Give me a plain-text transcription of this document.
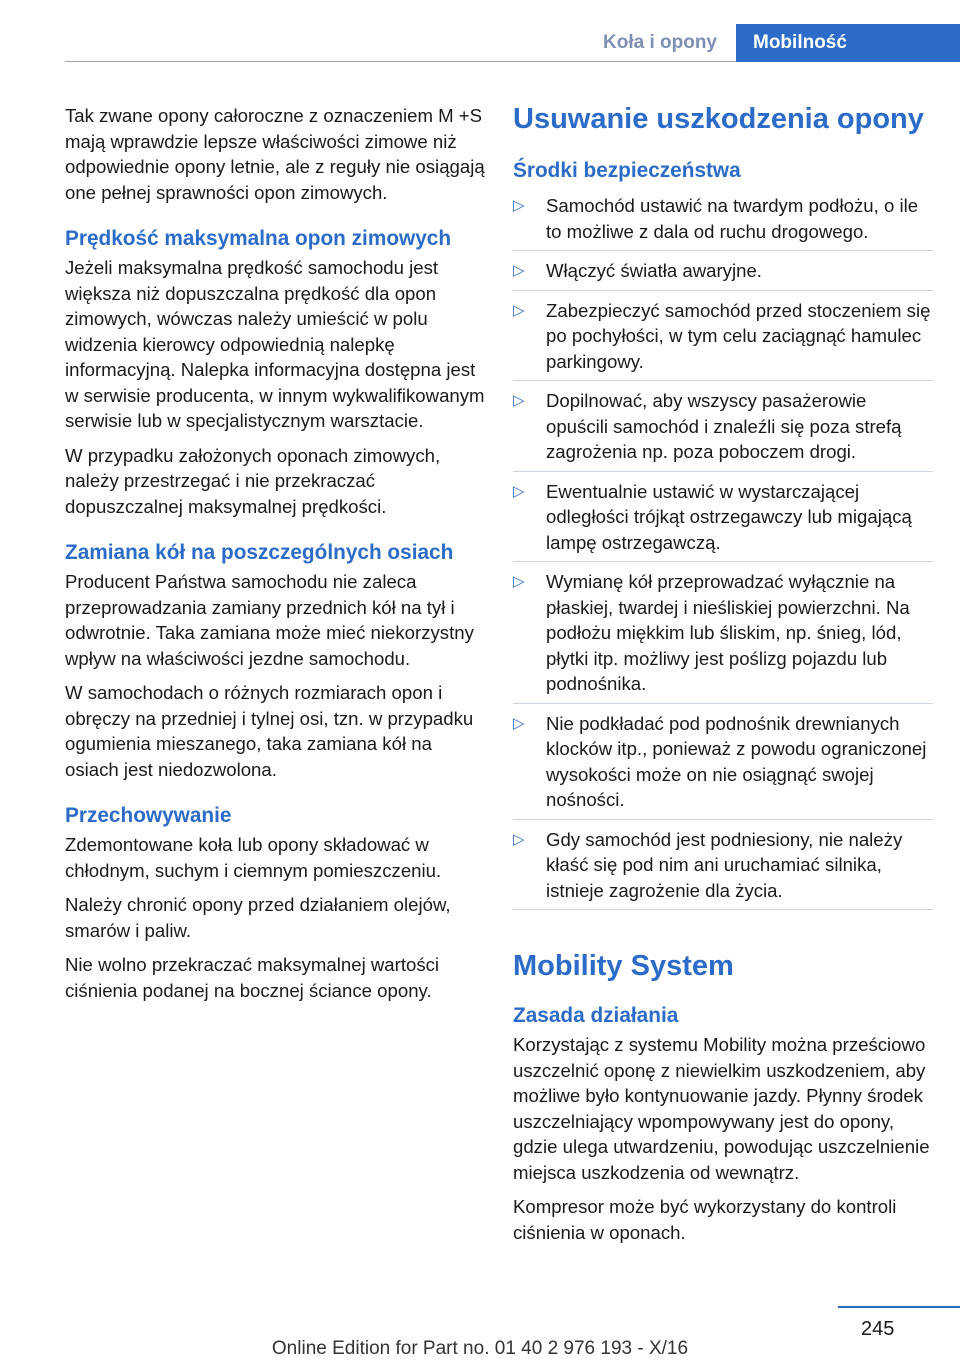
Koła i opony	Mobilność

Tak zwane opony całoroczne z oznaczeniem M +S mają wprawdzie lepsze właściwości zimowe niż odpowiednie opony letnie, ale z reguły nie osiągają one pełnej sprawności opon zimowych.

Prędkość maksymalna opon zimowych

Jeżeli maksymalna prędkość samochodu jest większa niż dopuszczalna prędkość dla opon zimowych, wówczas należy umieścić w polu widzenia kierowcy odpowiednią nalepkę informacyjną. Nalepka informacyjna dostępna jest w serwisie producenta, w innym wykwalifikowanym serwisie lub w specjalistycznym warsztacie.

W przypadku założonych oponach zimowych, należy przestrzegać i nie przekraczać dopuszczalnej maksymalnej prędkości.

Zamiana kół na poszczególnych osiach

Producent Państwa samochodu nie zaleca przeprowadzania zamiany przednich kół na tył i odwrotnie. Taka zamiana może mieć niekorzystny wpływ na właściwości jezdne samochodu.

W samochodach o różnych rozmiarach opon i obręczy na przedniej i tylnej osi, tzn. w przypadku ogumienia mieszanego, taka zamiana kół na osiach jest niedozwolona.

Przechowywanie

Zdemontowane koła lub opony składować w chłodnym, suchym i ciemnym pomieszczeniu.

Należy chronić opony przed działaniem olejów, smarów i paliw.

Nie wolno przekraczać maksymalnej wartości ciśnienia podanej na bocznej ściance opony.

Usuwanie uszkodzenia opony
Środki bezpieczeństwa
▷ Samochód ustawić na twardym podłożu, o ile to możliwe z dala od ruchu drogowego.
▷ Włączyć światła awaryjne.
▷ Zabezpieczyć samochód przed stoczeniem się po pochyłości, w tym celu zaciągnąć hamulec parkingowy.
▷ Dopilnować, aby wszyscy pasażerowie opuścili samochód i znaleźli się poza strefą zagrożenia np. poza poboczem drogi.
▷ Ewentualnie ustawić w wystarczającej odległości trójkąt ostrzegawczy lub migającą lampę ostrzegawczą.
▷ Wymianę kół przeprowadzać wyłącznie na płaskiej, twardej i nieśliskiej powierzchni. Na podłożu miękkim lub śliskim, np. śnieg, lód, płytki itp. możliwy jest poślizg pojazdu lub podnośnika.
▷ Nie podkładać pod podnośnik drewnianych klocków itp., ponieważ z powodu ograniczonej wysokości może on nie osiągnąć swojej nośności.
▷ Gdy samochód jest podniesiony, nie należy kłaść się pod nim ani uruchamiać silnika, istnieje zagrożenie dla życia.
Mobility System
Zasada działania

Korzystając z systemu Mobility można prześciowo uszczelnić oponę z niewielkim uszkodzeniem, aby możliwe było kontynuowanie jazdy. Płynny środek uszczelniający wpompowywany jest do opony, gdzie ulega utwardzeniu, powodując uszczelnienie miejsca uszkodzenia od wewnątrz.

Kompresor może być wykorzystany do kontroli ciśnienia w oponach.

245
Online Edition for Part no. 01 40 2 976 193 - X/16
